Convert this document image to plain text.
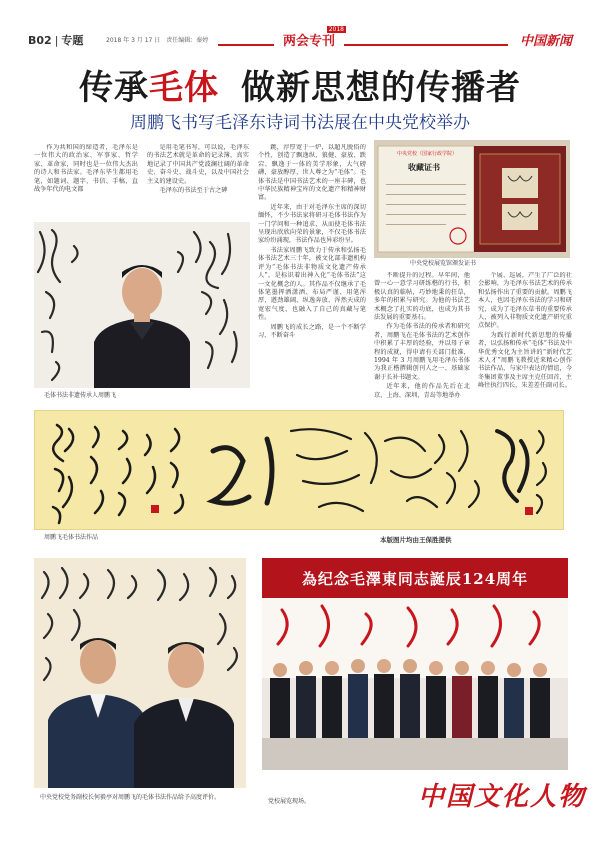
B02 | 专题	2018 年 3 月 17 日　责任编辑：秦婷	两会专刊
2018
中国新闻
传承毛体 做新思想的传播者
周鹏飞书写毛泽东诗词书法展在中央党校举办

作为共和国的缔造者，毛泽东是一位伟大的政治家、军事家、哲学家、革命家，同时也是一位伟大杰出的诗人和书法家。毛泽东毕生都用毛笔，如题词、题字、书信、手稿，直战争年代的电文都

是用毛笔书写，可以说，毛泽东的书法艺术就是革命的记录簿，真实地记录了中国共产党波澜壮阔的革命史、奋斗史、战斗史，以及中国社会主义的建设史。

毛泽东的书法至于古之碑

跳，淳厚宽于一炉，以超凡脱俗的个性，创造了飘逸纵、狼健、豪放、跌宕、飘逸于一体的美学形象，大气磅礴，豪放醇厚，世人尊之为“毛体”。毛体书法是中国书法艺术的一座丰碑，也中华民族精神宝库的文化遗产和精神财富。

近年来，由于对毛泽东主席的深切缅怀，不少书法家将研习毛体书法作为一门学问和一种追求，从而使毛体书法呈现出欣欣向荣的景象，不仅毛体书法家纷纷涌现，书法作品也异彩纷呈。

书法家周鹏飞致力于传承和弘扬毛体书法艺术三十年，被文化部非遗机构评为“毛体书法非物质文化遗产传承人”，是标识着出神入化“毛体书法”这一文化概念的人。其作品不仅继承了毛体笔墨挥洒潇洒、布局严谨、用笔浑厚，遒劲雄阔、纵逸奔放、浑然天成的宽宏气度，也融入了自己的真藏与笔性。

周鹏飞的成长之路，是一个不断学习、不断奋斗

不断提升的过程。早年间，他曾一心一意学习研练楷的行书，积极认真的临帖，巧妙地秉的狂草，多年的积累与研究。为他的书法艺术概念了扎实的功底，也成为其书法发展的重要基石。

作为毛体书法的传承者和研究者，周鹏飞在毛体书法的艺术创作中积累了丰厚的经验，并以母子章程的成就，得申请有关部门批准，1994 年 3 月周鹏飞用毛泽东书体为我正楷撰辑创刊人之一、基础家谢于长补书题文。

近年来，他的作品先后在北京、上海、深圳、青岛等地举办

个展、巡展，产生了广泛的社会影响，为毛泽东书法艺术的传承和弘扬作出了重要的贡献。周鹏飞本人，也因毛泽东书法的学习和研究，成为了毛泽东草书的重要传承人，被列入非物质文化遗产研究重点保护。

为践行新时代新思想的传播者，以弘扬和传承“毛体”书法及中华优秀文化为主旨讲的“新时代艺术人才”周鹏飞教授近来精心创作书法作品，与家中表达的情谊，今冬集团董事及主席主克任回首，主峰往执行四长，朱差差任副司长。

收藏证书
中央党校（国家行政学院）
中央党校展览馆颁发证书
毛体书法非遗传承人周鹏飞
周鹏飞毛体书法作品	本版图片均由王保胜提供
中央党校党务副校长何毅亭对周鹏飞的毛体书法作品给予高度评价。
為纪念毛澤東同志誕辰124周年
党校展览现场。	中国文化人物
